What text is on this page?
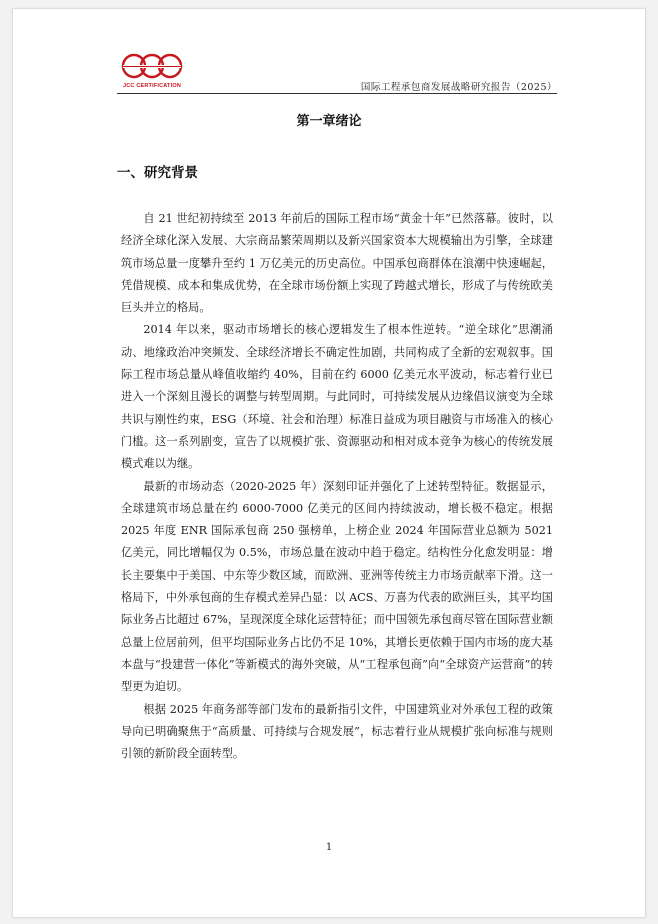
JCC CERTIFICATION	国际工程承包商发展战略研究报告（2025）
第一章绪论
一、研究背景

自 21 世纪初持续至 2013 年前后的国际工程市场“黄金十年”已然落幕。彼时，以经济全球化深入发展、大宗商品繁荣周期以及新兴国家资本大规模输出为引擎，全球建筑市场总量一度攀升至约 1 万亿美元的历史高位。中国承包商群体在浪潮中快速崛起，凭借规模、成本和集成优势，在全球市场份额上实现了跨越式增长，形成了与传统欧美巨头并立的格局。

2014 年以来，驱动市场增长的核心逻辑发生了根本性逆转。“逆全球化”思潮涌动、地缘政治冲突频发、全球经济增长不确定性加剧，共同构成了全新的宏观叙事。国际工程市场总量从峰值收缩约 40%，目前在约 6000 亿美元水平波动，标志着行业已进入一个深刻且漫长的调整与转型周期。与此同时，可持续发展从边缘倡议演变为全球共识与刚性约束，ESG（环境、社会和治理）标准日益成为项目融资与市场准入的核心门槛。这一系列剧变，宣告了以规模扩张、资源驱动和相对成本竞争为核心的传统发展模式难以为继。

最新的市场动态（2020-2025 年）深刻印证并强化了上述转型特征。数据显示，全球建筑市场总量在约 6000-7000 亿美元的区间内持续波动，增长极不稳定。根据 2025 年度 ENR 国际承包商 250 强榜单，上榜企业 2024 年国际营业总额为 5021 亿美元，同比增幅仅为 0.5%，市场总量在波动中趋于稳定。结构性分化愈发明显：增长主要集中于美国、中东等少数区域，而欧洲、亚洲等传统主力市场贡献率下滑。这一格局下，中外承包商的生存模式差异凸显：以 ACS、万喜为代表的欧洲巨头，其平均国际业务占比超过 67%，呈现深度全球化运营特征；而中国领先承包商尽管在国际营业额总量上位居前列，但平均国际业务占比仍不足 10%，其增长更依赖于国内市场的庞大基本盘与“投建营一体化”等新模式的海外突破，从“工程承包商”向“全球资产运营商”的转型更为迫切。

根据 2025 年商务部等部门发布的最新指引文件，中国建筑业对外承包工程的政策导向已明确聚焦于“高质量、可持续与合规发展”，标志着行业从规模扩张向标准与规则引领的新阶段全面转型。

1
